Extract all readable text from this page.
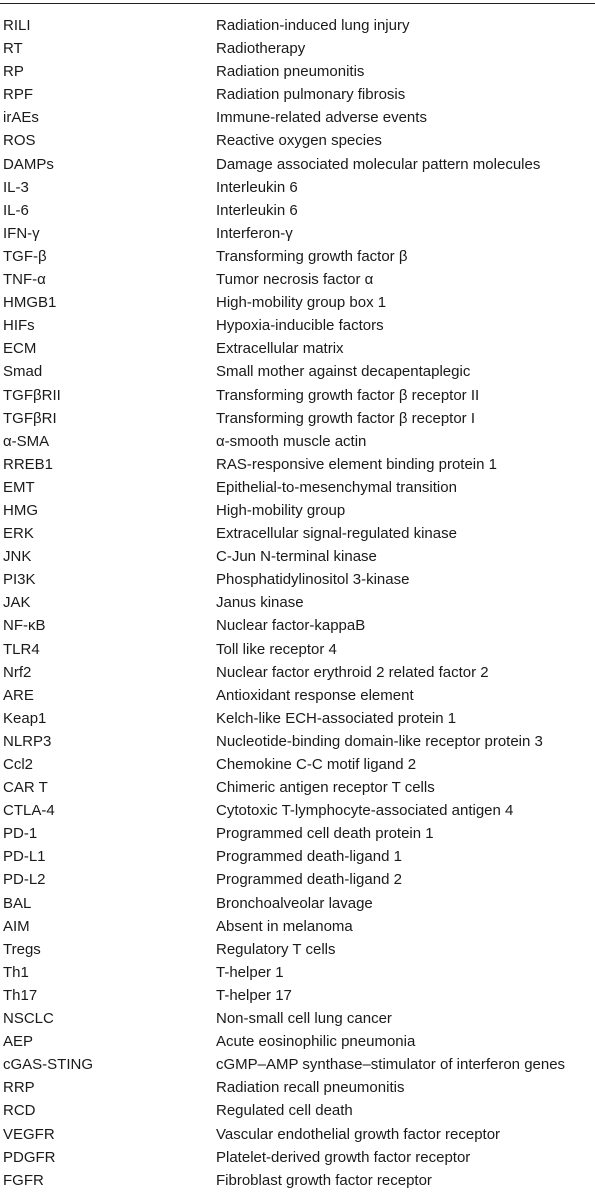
RILI	Radiation-induced lung injury
RT	Radiotherapy
RP	Radiation pneumonitis
RPF	Radiation pulmonary fibrosis
irAEs	Immune-related adverse events
ROS	Reactive oxygen species
DAMPs	Damage associated molecular pattern molecules
IL-3	Interleukin 6
IL-6	Interleukin 6
IFN-γ	Interferon-γ
TGF-β	Transforming growth factor β
TNF-α	Tumor necrosis factor α
HMGB1	High-mobility group box 1
HIFs	Hypoxia-inducible factors
ECM	Extracellular matrix
Smad	Small mother against decapentaplegic
TGFβRII	Transforming growth factor β receptor II
TGFβRI	Transforming growth factor β receptor I
α-SMA	α-smooth muscle actin
RREB1	RAS-responsive element binding protein 1
EMT	Epithelial-to-mesenchymal transition
HMG	High-mobility group
ERK	Extracellular signal-regulated kinase
JNK	C-Jun N-terminal kinase
PI3K	Phosphatidylinositol 3-kinase
JAK	Janus kinase
NF-κB	Nuclear factor-kappaB
TLR4	Toll like receptor 4
Nrf2	Nuclear factor erythroid 2 related factor 2
ARE	Antioxidant response element
Keap1	Kelch-like ECH-associated protein 1
NLRP3	Nucleotide-binding domain-like receptor protein 3
Ccl2	Chemokine C-C motif ligand 2
CAR T	Chimeric antigen receptor T cells
CTLA-4	Cytotoxic T-lymphocyte-associated antigen 4
PD-1	Programmed cell death protein 1
PD-L1	Programmed death-ligand 1
PD-L2	Programmed death-ligand 2
BAL	Bronchoalveolar lavage
AIM	Absent in melanoma
Tregs	Regulatory T cells
Th1	T-helper 1
Th17	T-helper 17
NSCLC	Non-small cell lung cancer
AEP	Acute eosinophilic pneumonia
cGAS-STING	cGMP–AMP synthase–stimulator of interferon genes
RRP	Radiation recall pneumonitis
RCD	Regulated cell death
VEGFR	Vascular endothelial growth factor receptor
PDGFR	Platelet-derived growth factor receptor
FGFR	Fibroblast growth factor receptor
